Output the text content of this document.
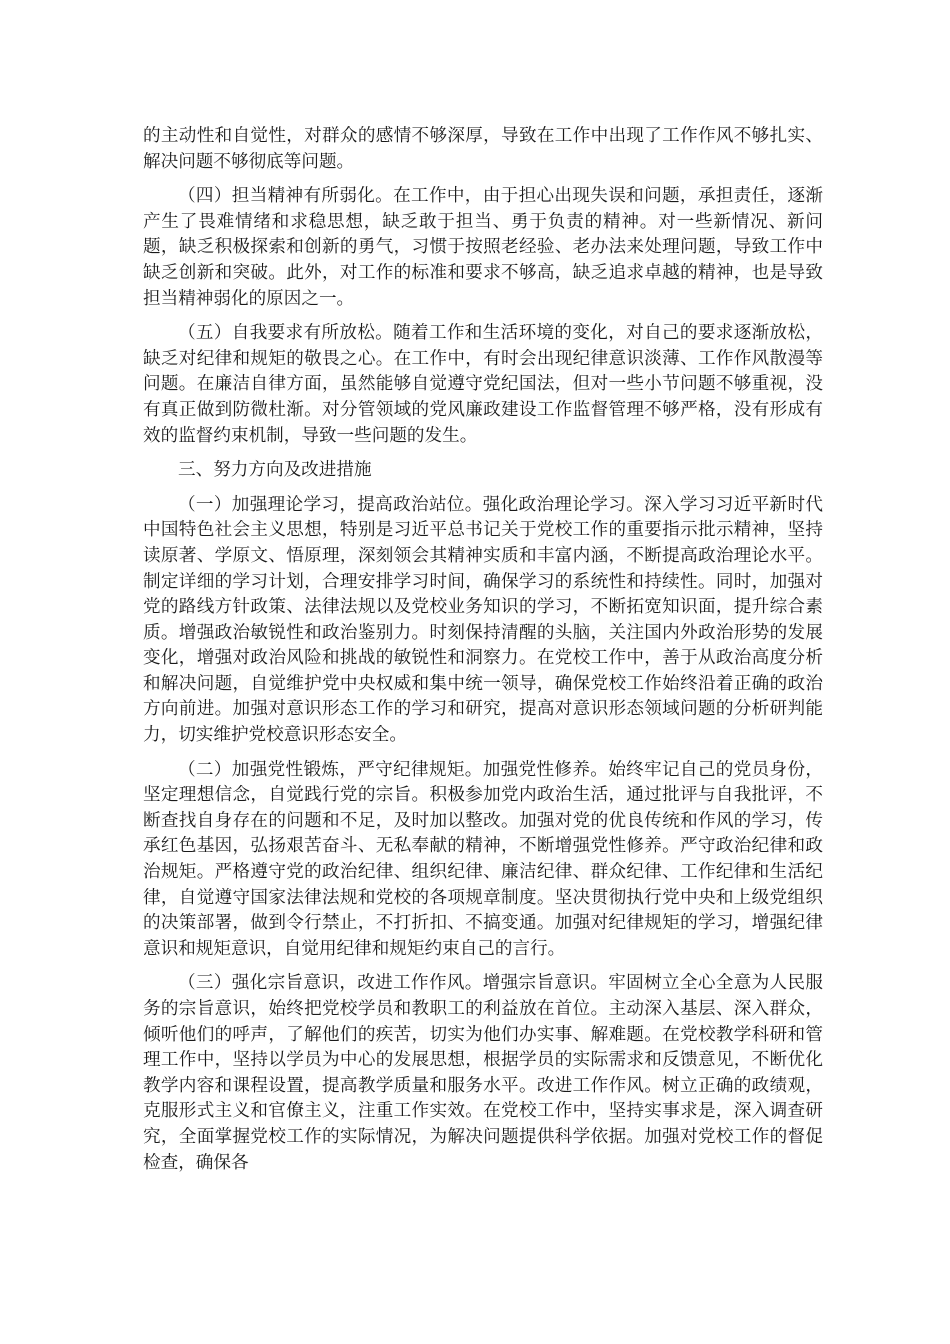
的主动性和自觉性，对群众的感情不够深厚，导致在工作中出现了工作作风不够扎实、解决问题不够彻底等问题。

（四）担当精神有所弱化。在工作中，由于担心出现失误和问题，承担责任，逐渐产生了畏难情绪和求稳思想，缺乏敢于担当、勇于负责的精神。对一些新情况、新问题，缺乏积极探索和创新的勇气，习惯于按照老经验、老办法来处理问题，导致工作中缺乏创新和突破。此外，对工作的标准和要求不够高，缺乏追求卓越的精神，也是导致担当精神弱化的原因之一。

（五）自我要求有所放松。随着工作和生活环境的变化，对自己的要求逐渐放松，缺乏对纪律和规矩的敬畏之心。在工作中，有时会出现纪律意识淡薄、工作作风散漫等问题。在廉洁自律方面，虽然能够自觉遵守党纪国法，但对一些小节问题不够重视，没有真正做到防微杜渐。对分管领域的党风廉政建设工作监督管理不够严格，没有形成有效的监督约束机制，导致一些问题的发生。

三、努力方向及改进措施

（一）加强理论学习，提高政治站位。强化政治理论学习。深入学习习近平新时代中国特色社会主义思想，特别是习近平总书记关于党校工作的重要指示批示精神，坚持读原著、学原文、悟原理，深刻领会其精神实质和丰富内涵，不断提高政治理论水平。制定详细的学习计划，合理安排学习时间，确保学习的系统性和持续性。同时，加强对党的路线方针政策、法律法规以及党校业务知识的学习，不断拓宽知识面，提升综合素质。增强政治敏锐性和政治鉴别力。时刻保持清醒的头脑，关注国内外政治形势的发展变化，增强对政治风险和挑战的敏锐性和洞察力。在党校工作中，善于从政治高度分析和解决问题，自觉维护党中央权威和集中统一领导，确保党校工作始终沿着正确的政治方向前进。加强对意识形态工作的学习和研究，提高对意识形态领域问题的分析研判能力，切实维护党校意识形态安全。

（二）加强党性锻炼，严守纪律规矩。加强党性修养。始终牢记自己的党员身份，坚定理想信念，自觉践行党的宗旨。积极参加党内政治生活，通过批评与自我批评，不断查找自身存在的问题和不足，及时加以整改。加强对党的优良传统和作风的学习，传承红色基因，弘扬艰苦奋斗、无私奉献的精神，不断增强党性修养。严守政治纪律和政治规矩。严格遵守党的政治纪律、组织纪律、廉洁纪律、群众纪律、工作纪律和生活纪律，自觉遵守国家法律法规和党校的各项规章制度。坚决贯彻执行党中央和上级党组织的决策部署，做到令行禁止，不打折扣、不搞变通。加强对纪律规矩的学习，增强纪律意识和规矩意识，自觉用纪律和规矩约束自己的言行。

（三）强化宗旨意识，改进工作作风。增强宗旨意识。牢固树立全心全意为人民服务的宗旨意识，始终把党校学员和教职工的利益放在首位。主动深入基层、深入群众，倾听他们的呼声，了解他们的疾苦，切实为他们办实事、解难题。在党校教学科研和管理工作中，坚持以学员为中心的发展思想，根据学员的实际需求和反馈意见，不断优化教学内容和课程设置，提高教学质量和服务水平。改进工作作风。树立正确的政绩观，克服形式主义和官僚主义，注重工作实效。在党校工作中，坚持实事求是，深入调查研究，全面掌握党校工作的实际情况，为解决问题提供科学依据。加强对党校工作的督促检查，确保各
